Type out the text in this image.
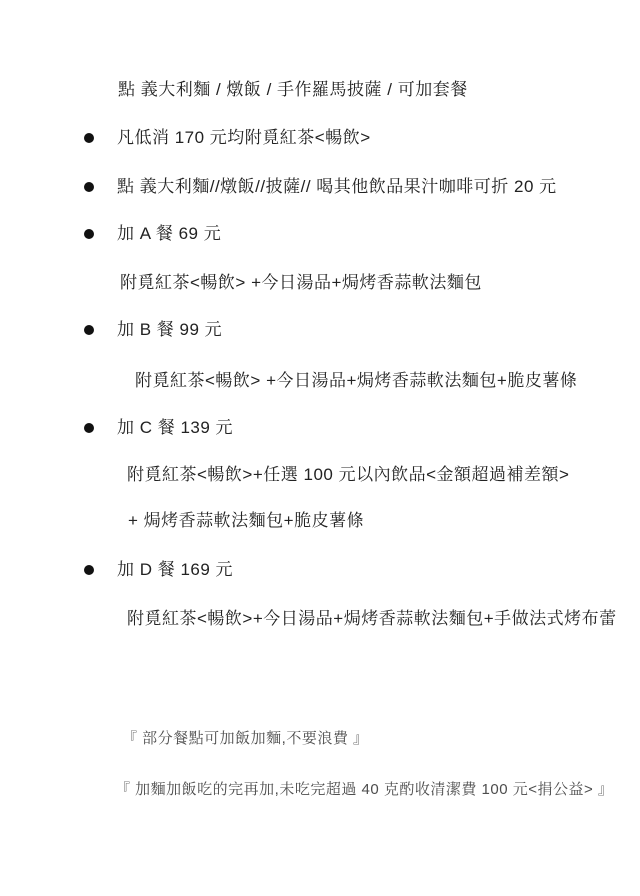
點 義大利麵 / 燉飯 / 手作羅馬披薩 / 可加套餐
凡低消 170 元均附覓紅茶<暢飲>
點 義大利麵//燉飯//披薩// 喝其他飲品果汁咖啡可折 20 元
加 A 餐 69 元
附覓紅茶<暢飲> +今日湯品+焗烤香蒜軟法麵包
加 B 餐 99 元
附覓紅茶<暢飲> +今日湯品+焗烤香蒜軟法麵包+脆皮薯條
加 C 餐 139 元
附覓紅茶<暢飲>+任選 100 元以內飲品<金額超過補差額>
+ 焗烤香蒜軟法麵包+脆皮薯條
加 D 餐 169 元
附覓紅茶<暢飲>+今日湯品+焗烤香蒜軟法麵包+手做法式烤布蕾
『 部分餐點可加飯加麵,不要浪費 』
『 加麵加飯吃的完再加,未吃完超過 40 克酌收清潔費 100 元<捐公益> 』
